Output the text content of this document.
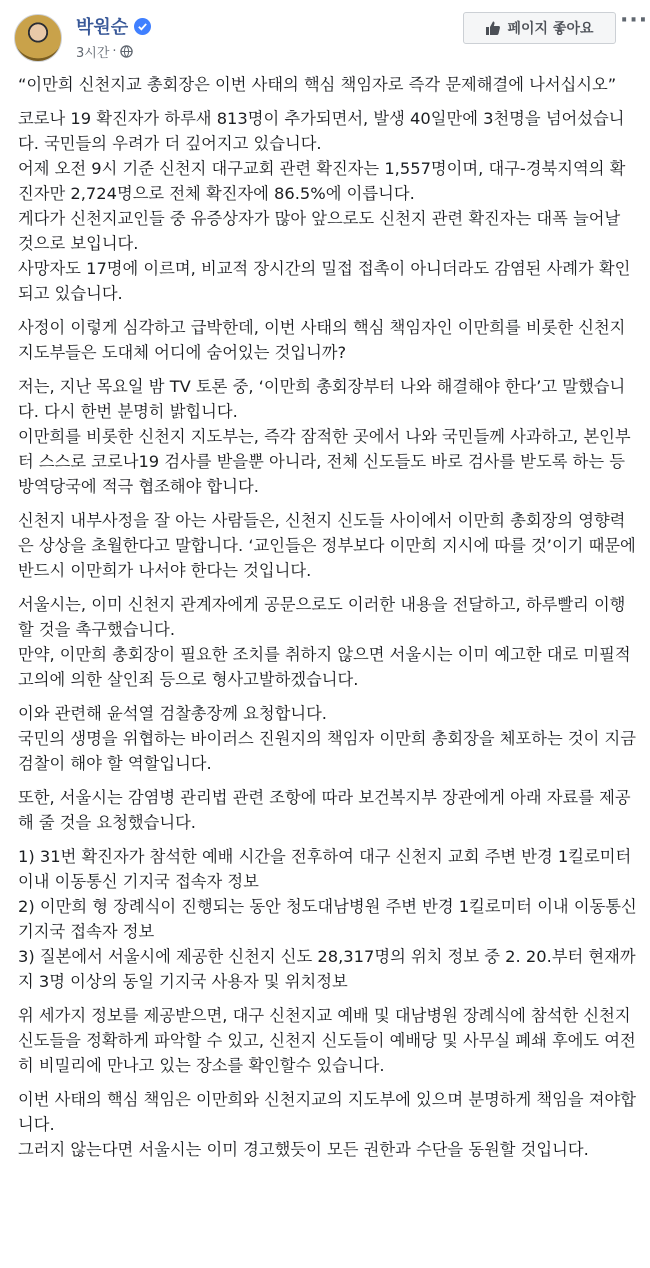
박원순
3시간 ·
페이지 좋아요 ···

“이만희 신천지교 총회장은 이번 사태의 핵심 책임자로 즉각 문제해결에 나서십시오”

코로나 19 확진자가 하루새 813명이 추가되면서, 발생 40일만에 3천명을 넘어섰습니다. 국민들의 우려가 더 깊어지고 있습니다.

어제 오전 9시 기준 신천지 대구교회 관련 확진자는 1,557명이며, 대구-경북지역의 확진자만 2,724명으로 전체 확진자에 86.5%에 이릅니다.

게다가 신천지교인들 중 유증상자가 많아 앞으로도 신천지 관련 확진자는 대폭 늘어날 것으로 보입니다.

사망자도 17명에 이르며, 비교적 장시간의 밀접 접촉이 아니더라도 감염된 사례가 확인되고 있습니다.

사정이 이렇게 심각하고 급박한데, 이번 사태의 핵심 책임자인 이만희를 비롯한 신천지 지도부들은 도대체 어디에 숨어있는 것입니까?

저는, 지난 목요일 밤 TV 토론 중, ‘이만희 총회장부터 나와 해결해야 한다’고 말했습니다. 다시 한번 분명히 밝힙니다.

이만희를 비롯한 신천지 지도부는, 즉각 잠적한 곳에서 나와 국민들께 사과하고, 본인부터 스스로 코로나19 검사를 받을뿐 아니라, 전체 신도들도 바로 검사를 받도록 하는 등 방역당국에 적극 협조해야 합니다.

신천지 내부사정을 잘 아는 사람들은, 신천지 신도들 사이에서 이만희 총회장의 영향력은 상상을 초월한다고 말합니다. ‘교인들은 정부보다 이만희 지시에 따를 것’이기 때문에 반드시 이만희가 나서야 한다는 것입니다.

서울시는, 이미 신천지 관계자에게 공문으로도 이러한 내용을 전달하고, 하루빨리 이행할 것을 촉구했습니다.

만약, 이만희 총회장이 필요한 조치를 취하지 않으면 서울시는 이미 예고한 대로 미필적 고의에 의한 살인죄 등으로 형사고발하겠습니다.

이와 관련해 윤석열 검찰총장께 요청합니다.

국민의 생명을 위협하는 바이러스 진원지의 책임자 이만희 총회장을 체포하는 것이 지금 검찰이 해야 할 역할입니다.

또한, 서울시는 감염병 관리법 관련 조항에 따라 보건복지부 장관에게 아래 자료를 제공해 줄 것을 요청했습니다.

1) 31번 확진자가 참석한 예배 시간을 전후하여 대구 신천지 교회 주변 반경 1킬로미터 이내 이동통신 기지국 접속자 정보

2) 이만희 형 장례식이 진행되는 동안 청도대남병원 주변 반경 1킬로미터 이내 이동통신 기지국 접속자 정보

3) 질본에서 서울시에 제공한 신천지 신도 28,317명의 위치 정보 중 2. 20.부터 현재까지 3명 이상의 동일 기지국 사용자 및 위치정보

위 세가지 정보를 제공받으면, 대구 신천지교 예배 및 대남병원 장례식에 참석한 신천지 신도들을 정확하게 파악할 수 있고, 신천지 신도들이 예배당 및 사무실 폐쇄 후에도 여전히 비밀리에 만나고 있는 장소를 확인할수 있습니다.

이번 사태의 핵심 책임은 이만희와 신천지교의 지도부에 있으며 분명하게 책임을 져야합니다.

그러지 않는다면 서울시는 이미 경고했듯이 모든 권한과 수단을 동원할 것입니다.
